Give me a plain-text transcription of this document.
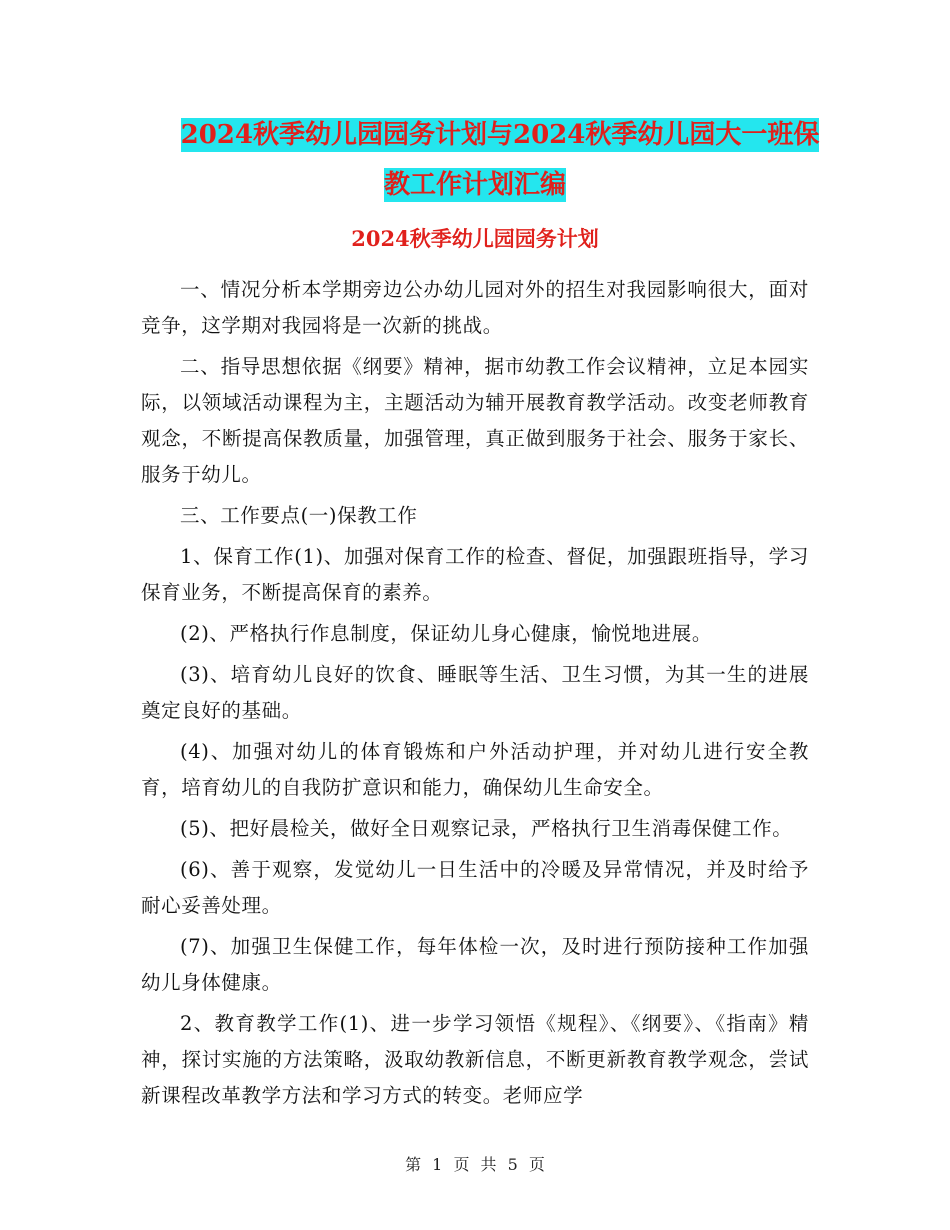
2024秋季幼儿园园务计划与2024秋季幼儿园大一班保
教工作计划汇编
2024秋季幼儿园园务计划

一、情况分析本学期旁边公办幼儿园对外的招生对我园影响很大，面对竞争，这学期对我园将是一次新的挑战。

二、指导思想依据《纲要》精神，据市幼教工作会议精神，立足本园实际，以领域活动课程为主，主题活动为辅开展教育教学活动。改变老师教育观念，不断提高保教质量，加强管理，真正做到服务于社会、服务于家长、服务于幼儿。

三、工作要点(一)保教工作

1、保育工作(1)、加强对保育工作的检查、督促，加强跟班指导，学习保育业务，不断提高保育的素养。

(2)、严格执行作息制度，保证幼儿身心健康，愉悦地进展。

(3)、培育幼儿良好的饮食、睡眠等生活、卫生习惯，为其一生的进展奠定良好的基础。

(4)、加强对幼儿的体育锻炼和户外活动护理，并对幼儿进行安全教育，培育幼儿的自我防扩意识和能力，确保幼儿生命安全。

(5)、把好晨检关，做好全日观察记录，严格执行卫生消毒保健工作。

(6)、善于观察，发觉幼儿一日生活中的冷暖及异常情况，并及时给予耐心妥善处理。

(7)、加强卫生保健工作，每年体检一次，及时进行预防接种工作加强幼儿身体健康。

2、教育教学工作(1)、进一步学习领悟《规程》、《纲要》、《指南》精神，探讨实施的方法策略，汲取幼教新信息，不断更新教育教学观念，尝试新课程改革教学方法和学习方式的转变。老师应学

第 1 页 共 5 页
